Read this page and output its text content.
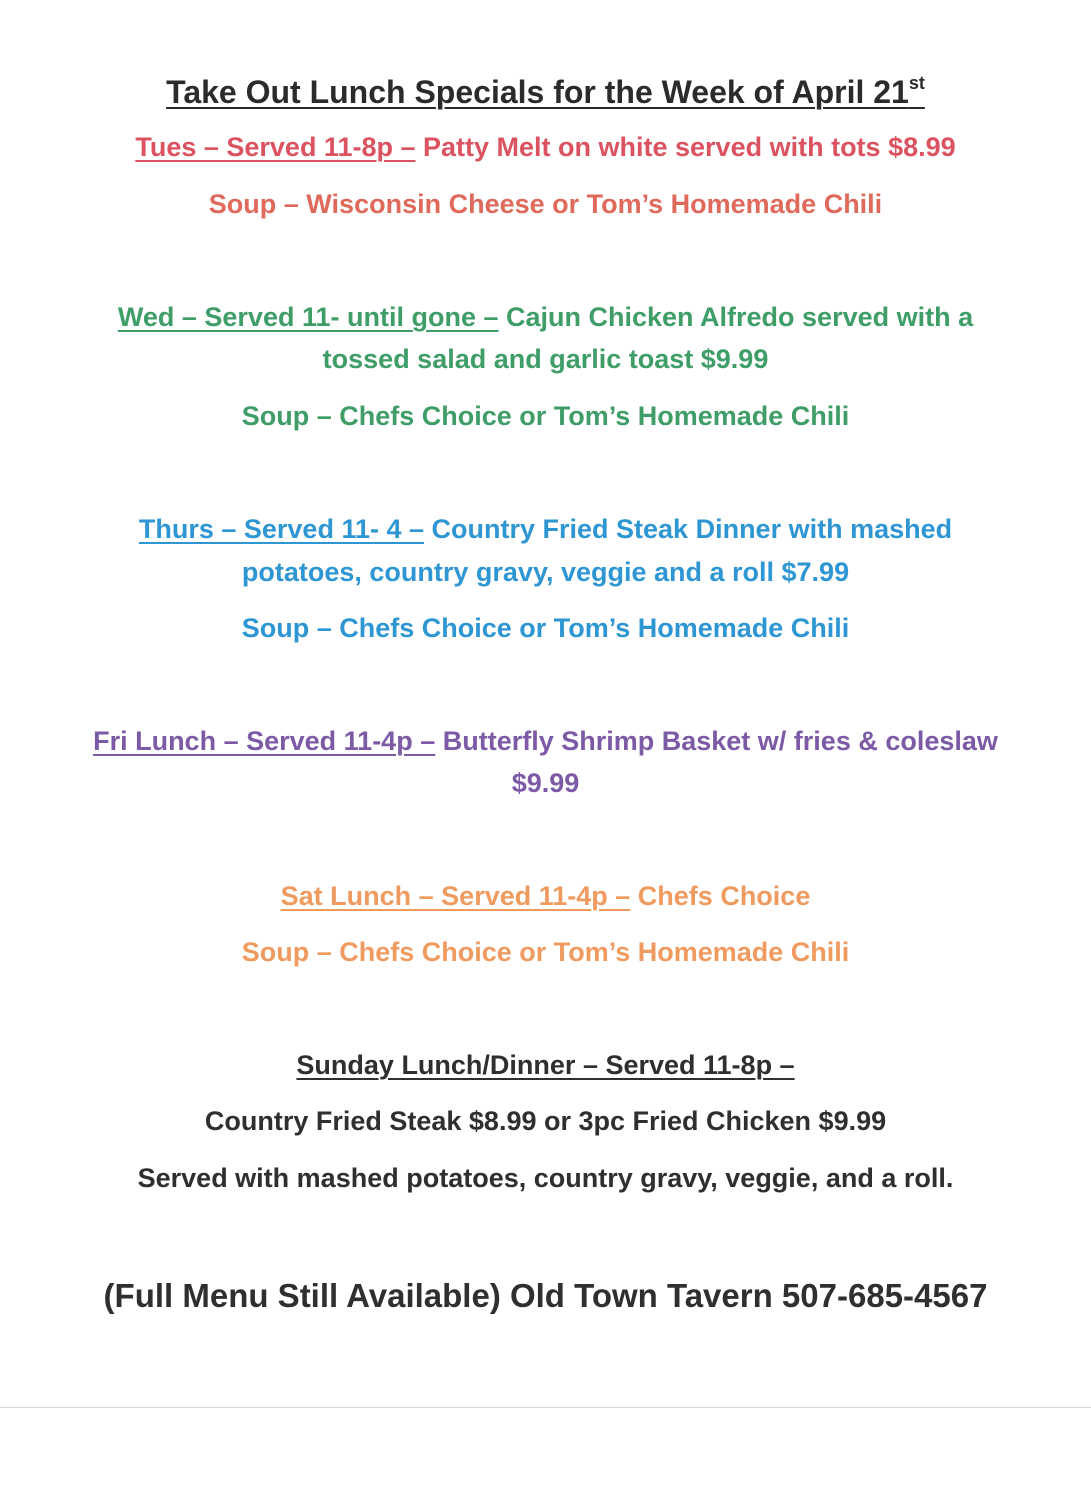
Take Out Lunch Specials for the Week of April 21st
Tues – Served 11-8p – Patty Melt on white served with tots $8.99
Soup – Wisconsin Cheese or Tom’s Homemade Chili
Wed – Served 11- until gone – Cajun Chicken Alfredo served with a
tossed salad and garlic toast $9.99
Soup – Chefs Choice or Tom’s Homemade Chili
Thurs – Served 11- 4 – Country Fried Steak Dinner with mashed
potatoes, country gravy, veggie and a roll $7.99
Soup – Chefs Choice or Tom’s Homemade Chili
Fri Lunch – Served 11-4p – Butterfly Shrimp Basket w/ fries & coleslaw
$9.99
Sat Lunch – Served 11-4p – Chefs Choice
Soup – Chefs Choice or Tom’s Homemade Chili
Sunday Lunch/Dinner – Served 11-8p –
Country Fried Steak $8.99 or 3pc Fried Chicken $9.99
Served with mashed potatoes, country gravy, veggie, and a roll.
(Full Menu Still Available) Old Town Tavern 507-685-4567
